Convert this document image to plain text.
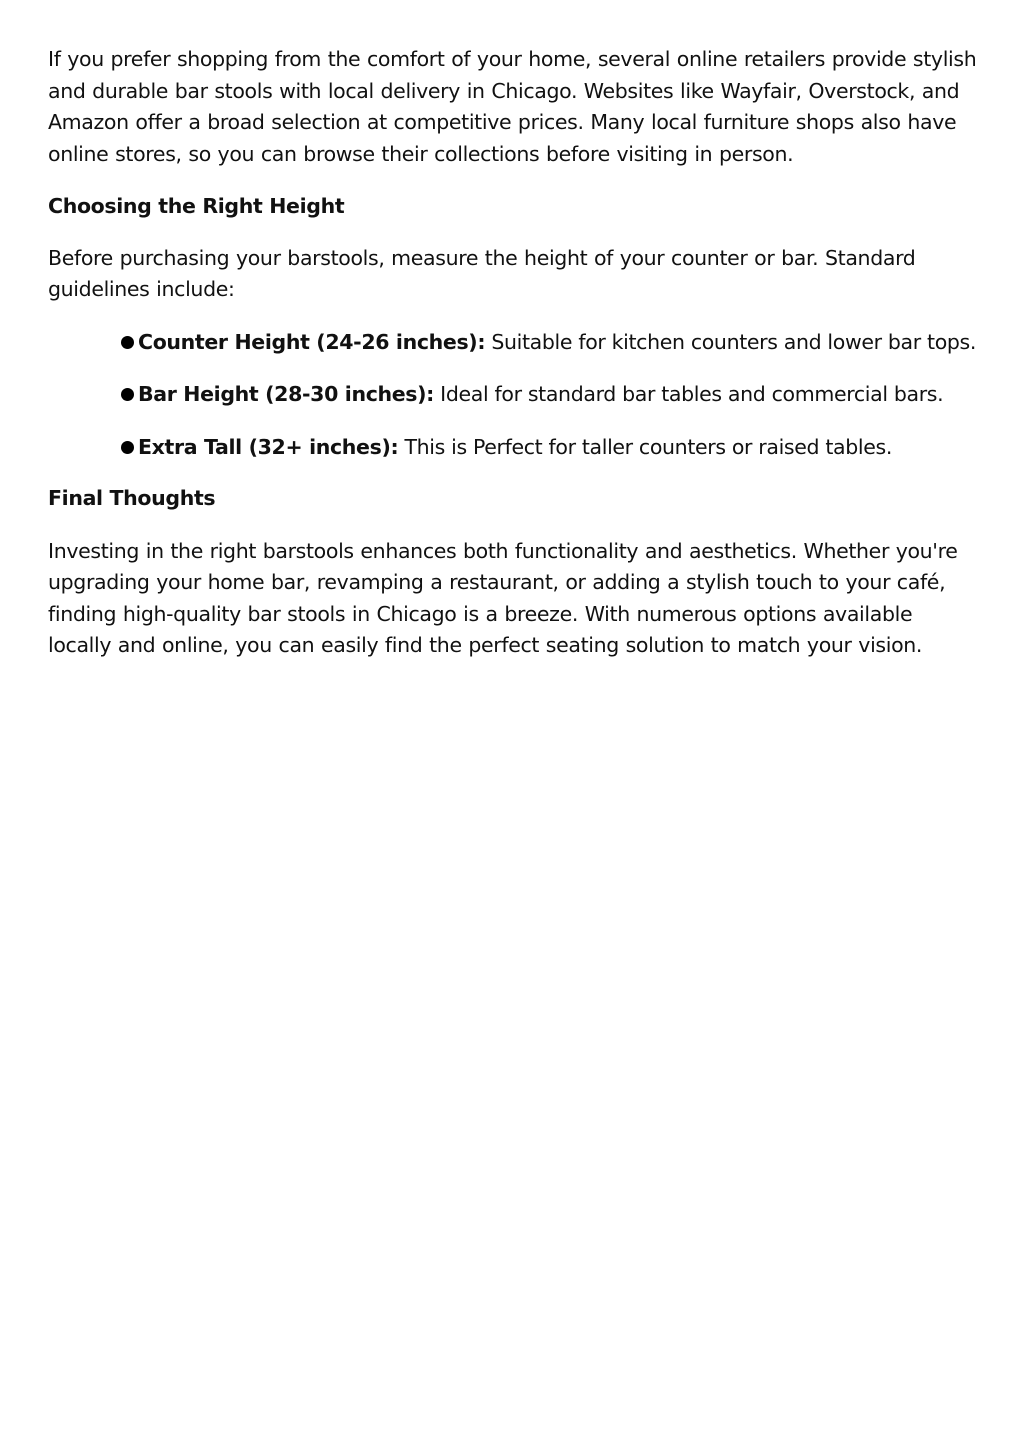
If you prefer shopping from the comfort of your home, several online retailers provide stylish and durable bar stools with local delivery in Chicago. Websites like Wayfair, Overstock, and Amazon offer a broad selection at competitive prices. Many local furniture shops also have online stores, so you can browse their collections before visiting in person.

Choosing the Right Height

Before purchasing your barstools, measure the height of your counter or bar. Standard guidelines include:

Counter Height (24-26 inches): Suitable for kitchen counters and lower bar tops.
Bar Height (28-30 inches): Ideal for standard bar tables and commercial bars.
Extra Tall (32+ inches): This is Perfect for taller counters or raised tables.
Final Thoughts

Investing in the right barstools enhances both functionality and aesthetics. Whether you're upgrading your home bar, revamping a restaurant, or adding a stylish touch to your café, finding high-quality bar stools in Chicago is a breeze. With numerous options available locally and online, you can easily find the perfect seating solution to match your vision.
